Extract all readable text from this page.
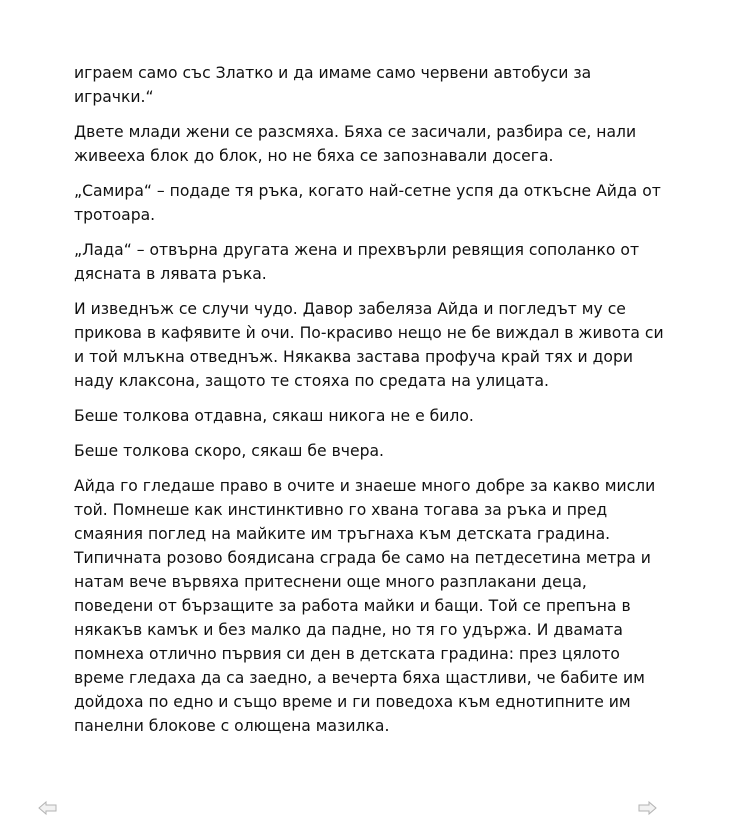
играем само със Златко и да имаме само червени автобуси за
игрaчки.“

Двете млади жени се разсмяха. Бяха се засичали, разбира се, нали
живееха блок до блок, но не бяха се запознавали досега.

„Самира“ – подаде тя ръка, когато най-сетне успя да откъсне Айда от
тротоара.

„Лада“ – отвърна другата жена и прехвърли ревящия сополанко от
дясната в лявата ръка.

И изведнъж се случи чудо. Давор забеляза Айда и погледът му се
прикова в кафявите ѝ очи. По-красиво нещо не бе виждал в живота си
и той млъкна отведнъж. Някаква застава профуча край тях и дори
наду клаксона, защото те стояха по средата на улицата.

Беше толкова отдавна, сякаш никога не е било.

Беше толкова скоро, сякаш бе вчера.

Айда го гледаше право в очите и знаеше много добре за какво мисли
той. Помнеше как инстинктивно го хвана тогава за ръка и пред
смаяния поглед на майките им тръгнаха към детската градина.
Типичната розово боядисана сграда бе само на петдесетина метра и
натам вече вървяха притеснени още много разплакани деца,
поведени от бързащите за работа майки и бащи. Той се препъна в
някакъв камък и без малко да падне, но тя го удържа. И двамата
помнеха отлично първия си ден в детската градина: през цялото
време гледаха да са заедно, а вечерта бяха щастливи, че бабите им
дойдоха по едно и също време и ги поведоха към еднотипните им
панелни блокове с олющена мазилка.
